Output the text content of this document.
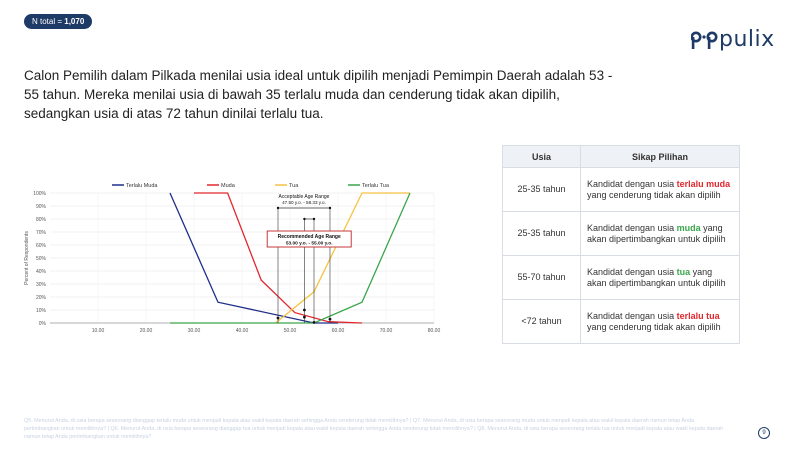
N total = 1,070
pulix
Calon Pemilih dalam Pilkada menilai usia ideal untuk dipilih menjadi Pemimpin Daerah adalah 53 - 55 tahun. Mereka menilai usia di bawah 35 terlalu muda dan cenderung tidak akan dipilih, sedangkan usia di atas 72 tahun dinilai terlalu tua.
0%
10%
20%
30%
40%
50%
60%
70%
80%
90%
100%
10.00	20.00	30.00	40.00	50.00	60.00	70.00	80.00
Percent of Respondents
Terlalu Muda	Muda	Tua	Terlalu Tua
Acceptable Age Range
47.50 y.o. - 58.33 y.o.
Recommended Age Range
53.00 y.o. - 55.00 y.o.
Usia	Sikap Pilihan
25-35 tahun	Kandidat dengan usia terlalu muda yang cenderung tidak akan dipilih
25-35 tahun	Kandidat dengan usia muda yang akan dipertimbangkan untuk dipilih
55-70 tahun	Kandidat dengan usia tua yang akan dipertimbangkan untuk dipilih
<72 tahun	Kandidat dengan usia terlalu tua yang cenderung tidak akan dipilih
Q5. Menurut Anda, di usia berapa seseorang dianggap terlalu muda untuk menjadi kepala atau wakil kepala daerah sehingga Anda cenderung tidak memilihnya? | Q7. Menurut Anda, di usia berapa seseorang muda untuk menjadi kepala atau wakil kepala daerah namun tetap Anda pertimbangkan untuk memilihnya? | Q6. Menurut Anda, di usia berapa seseorang dianggap tua untuk menjadi kepala atau wakil kepala daerah sehingga Anda cenderung tidak memilihnya? | Q8. Menurut Anda, di usia berapa seseorang terlalu tua untuk menjadi kepala atau wakil kepala daerah namun tetap Anda pertimbangkan untuk memilihnya?
9
